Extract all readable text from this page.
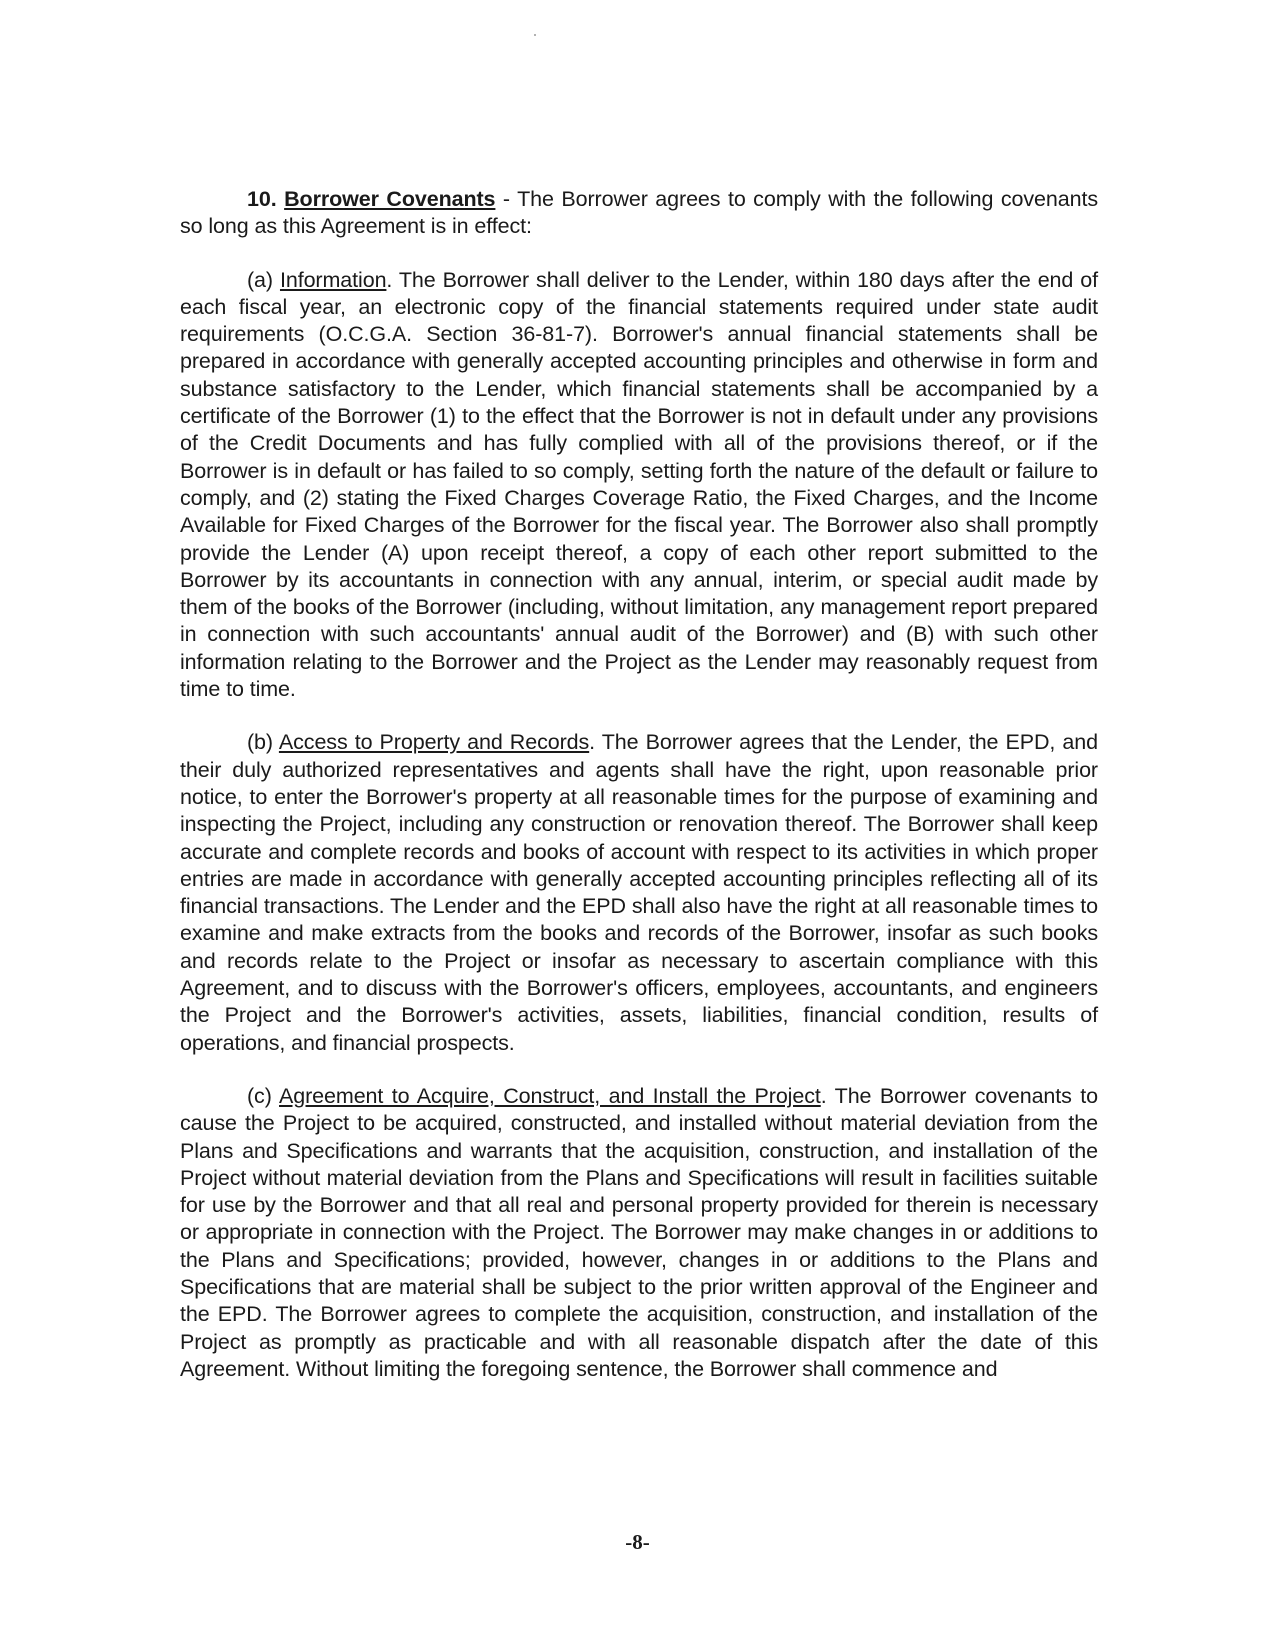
10. Borrower Covenants - The Borrower agrees to comply with the following covenants so long as this Agreement is in effect:

(a) Information. The Borrower shall deliver to the Lender, within 180 days after the end of each fiscal year, an electronic copy of the financial statements required under state audit requirements (O.C.G.A. Section 36-81-7). Borrower's annual financial statements shall be prepared in accordance with generally accepted accounting principles and otherwise in form and substance satisfactory to the Lender, which financial statements shall be accompanied by a certificate of the Borrower (1) to the effect that the Borrower is not in default under any provisions of the Credit Documents and has fully complied with all of the provisions thereof, or if the Borrower is in default or has failed to so comply, setting forth the nature of the default or failure to comply, and (2) stating the Fixed Charges Coverage Ratio, the Fixed Charges, and the Income Available for Fixed Charges of the Borrower for the fiscal year. The Borrower also shall promptly provide the Lender (A) upon receipt thereof, a copy of each other report submitted to the Borrower by its accountants in connection with any annual, interim, or special audit made by them of the books of the Borrower (including, without limitation, any management report prepared in connection with such accountants' annual audit of the Borrower) and (B) with such other information relating to the Borrower and the Project as the Lender may reasonably request from time to time.

(b) Access to Property and Records. The Borrower agrees that the Lender, the EPD, and their duly authorized representatives and agents shall have the right, upon reasonable prior notice, to enter the Borrower's property at all reasonable times for the purpose of examining and inspecting the Project, including any construction or renovation thereof. The Borrower shall keep accurate and complete records and books of account with respect to its activities in which proper entries are made in accordance with generally accepted accounting principles reflecting all of its financial transactions. The Lender and the EPD shall also have the right at all reasonable times to examine and make extracts from the books and records of the Borrower, insofar as such books and records relate to the Project or insofar as necessary to ascertain compliance with this Agreement, and to discuss with the Borrower's officers, employees, accountants, and engineers the Project and the Borrower's activities, assets, liabilities, financial condition, results of operations, and financial prospects.

(c) Agreement to Acquire, Construct, and Install the Project. The Borrower covenants to cause the Project to be acquired, constructed, and installed without material deviation from the Plans and Specifications and warrants that the acquisition, construction, and installation of the Project without material deviation from the Plans and Specifications will result in facilities suitable for use by the Borrower and that all real and personal property provided for therein is necessary or appropriate in connection with the Project. The Borrower may make changes in or additions to the Plans and Specifications; provided, however, changes in or additions to the Plans and Specifications that are material shall be subject to the prior written approval of the Engineer and the EPD. The Borrower agrees to complete the acquisition, construction, and installation of the Project as promptly as practicable and with all reasonable dispatch after the date of this Agreement. Without limiting the foregoing sentence, the Borrower shall commence and

-8-
